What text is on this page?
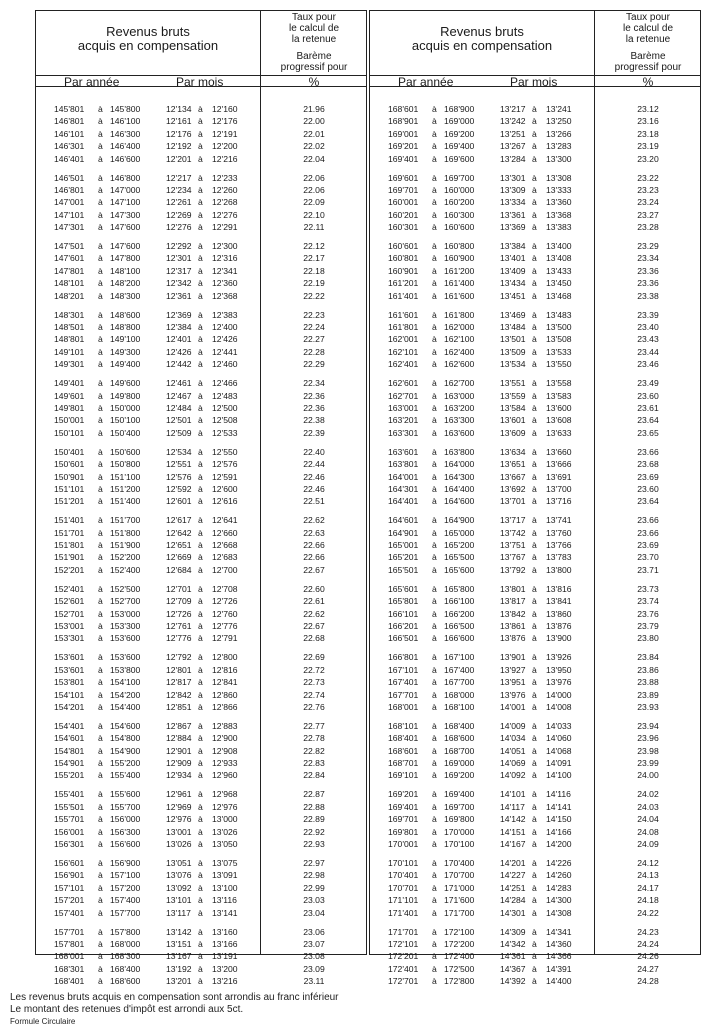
Revenus bruts
acquis en compensation
Taux pour
le calcul de
la retenue
Barème
progressif pour
Par année	Par mois	%
145'801 à 145'800	12'134 à 12'160	21.96
146'801 à 146'100	12'161 à 12'176	22.00
146'101 à 146'300	12'176 à 12'191	22.01
146'301 à 146'400	12'192 à 12'200	22.02
146'401 à 146'600	12'201 à 12'216	22.04
146'501 à 146'800	12'217 à 12'233	22.06
146'801 à 147'000	12'234 à 12'260	22.06
147'001 à 147'100	12'261 à 12'268	22.09
147'101 à 147'300	12'269 à 12'276	22.10
147'301 à 147'600	12'276 à 12'291	22.11
147'501 à 147'600	12'292 à 12'300	22.12
147'601 à 147'800	12'301 à 12'316	22.17
147'801 à 148'100	12'317 à 12'341	22.18
148'101 à 148'200	12'342 à 12'360	22.19
148'201 à 148'300	12'361 à 12'368	22.22
148'301 à 148'600	12'369 à 12'383	22.23
148'501 à 148'800	12'384 à 12'400	22.24
148'801 à 149'100	12'401 à 12'426	22.27
149'101 à 149'300	12'426 à 12'441	22.28
149'301 à 149'400	12'442 à 12'460	22.29
149'401 à 149'600	12'461 à 12'466	22.34
149'601 à 149'800	12'467 à 12'483	22.36
149'801 à 150'000	12'484 à 12'500	22.36
150'001 à 150'100	12'501 à 12'508	22.38
150'101 à 150'400	12'509 à 12'533	22.39
150'401 à 150'600	12'534 à 12'550	22.40
150'601 à 150'800	12'551 à 12'576	22.44
150'901 à 151'100	12'576 à 12'591	22.46
151'101 à 151'200	12'592 à 12'600	22.46
151'201 à 151'400	12'601 à 12'616	22.51
151'401 à 151'700	12'617 à 12'641	22.62
151'701 à 151'800	12'642 à 12'660	22.63
151'801 à 151'900	12'651 à 12'668	22.66
151'901 à 152'200	12'669 à 12'683	22.66
152'201 à 152'400	12'684 à 12'700	22.67
152'401 à 152'500	12'701 à 12'708	22.60
152'601 à 152'700	12'709 à 12'726	22.61
152'701 à 153'000	12'726 à 12'760	22.62
153'001 à 153'300	12'761 à 12'776	22.67
153'301 à 153'600	12'776 à 12'791	22.68
153'601 à 153'600	12'792 à 12'800	22.69
153'601 à 153'800	12'801 à 12'816	22.72
153'801 à 154'100	12'817 à 12'841	22.73
154'101 à 154'200	12'842 à 12'860	22.74
154'201 à 154'400	12'851 à 12'866	22.76
154'401 à 154'600	12'867 à 12'883	22.77
154'601 à 154'800	12'884 à 12'900	22.78
154'801 à 154'900	12'901 à 12'908	22.82
154'901 à 155'200	12'909 à 12'933	22.83
155'201 à 155'400	12'934 à 12'960	22.84
155'401 à 155'600	12'961 à 12'968	22.87
155'501 à 155'700	12'969 à 12'976	22.88
155'701 à 156'000	12'976 à 13'000	22.89
156'001 à 156'300	13'001 à 13'026	22.92
156'301 à 156'600	13'026 à 13'050	22.93
156'601 à 156'900	13'051 à 13'075	22.97
156'901 à 157'100	13'076 à 13'091	22.98
157'101 à 157'200	13'092 à 13'100	22.99
157'201 à 157'400	13'101 à 13'116	23.03
157'401 à 157'700	13'117 à 13'141	23.04
157'701 à 157'800	13'142 à 13'160	23.06
157'801 à 168'000	13'151 à 13'166	23.07
168'001 à 168'300	13'167 à 13'191	23.08
168'301 à 168'400	13'192 à 13'200	23.09
168'401 à 168'600	13'201 à 13'216	23.11
Revenus bruts
acquis en compensation
Taux pour
le calcul de
la retenue
Barème
progressif pour
Par année	Par mois	%
168'601 à 168'900	13'217 à 13'241	23.12
168'901 à 169'000	13'242 à 13'250	23.16
169'001 à 169'200	13'251 à 13'266	23.18
169'201 à 169'400	13'267 à 13'283	23.19
169'401 à 169'600	13'284 à 13'300	23.20
169'601 à 169'700	13'301 à 13'308	23.22
169'701 à 160'000	13'309 à 13'333	23.23
160'001 à 160'200	13'334 à 13'360	23.24
160'201 à 160'300	13'361 à 13'368	23.27
160'301 à 160'600	13'369 à 13'383	23.28
160'601 à 160'800	13'384 à 13'400	23.29
160'801 à 160'900	13'401 à 13'408	23.34
160'901 à 161'200	13'409 à 13'433	23.36
161'201 à 161'400	13'434 à 13'450	23.36
161'401 à 161'600	13'451 à 13'468	23.38
161'601 à 161'800	13'469 à 13'483	23.39
161'801 à 162'000	13'484 à 13'500	23.40
162'001 à 162'100	13'501 à 13'508	23.43
162'101 à 162'400	13'509 à 13'533	23.44
162'401 à 162'600	13'534 à 13'550	23.46
162'601 à 162'700	13'551 à 13'558	23.49
162'701 à 163'000	13'559 à 13'583	23.60
163'001 à 163'200	13'584 à 13'600	23.61
163'201 à 163'300	13'601 à 13'608	23.64
163'301 à 163'600	13'609 à 13'633	23.65
163'601 à 163'800	13'634 à 13'660	23.66
163'801 à 164'000	13'651 à 13'666	23.68
164'001 à 164'300	13'667 à 13'691	23.69
164'301 à 164'400	13'692 à 13'700	23.60
164'401 à 164'600	13'701 à 13'716	23.64
164'601 à 164'900	13'717 à 13'741	23.66
164'901 à 165'000	13'742 à 13'760	23.66
165'001 à 165'200	13'751 à 13'766	23.69
165'201 à 165'500	13'767 à 13'783	23.70
165'501 à 165'600	13'792 à 13'800	23.71
165'601 à 165'800	13'801 à 13'816	23.73
165'801 à 166'100	13'817 à 13'841	23.74
166'101 à 166'200	13'842 à 13'860	23.76
166'201 à 166'500	13'861 à 13'876	23.79
166'501 à 166'600	13'876 à 13'900	23.80
166'801 à 167'100	13'901 à 13'926	23.84
167'101 à 167'400	13'927 à 13'950	23.86
167'401 à 167'700	13'951 à 13'976	23.88
167'701 à 168'000	13'976 à 14'000	23.89
168'001 à 168'100	14'001 à 14'008	23.93
168'101 à 168'400	14'009 à 14'033	23.94
168'401 à 168'600	14'034 à 14'060	23.96
168'601 à 168'700	14'051 à 14'068	23.98
168'701 à 169'000	14'069 à 14'091	23.99
169'101 à 169'200	14'092 à 14'100	24.00
169'201 à 169'400	14'101 à 14'116	24.02
169'401 à 169'700	14'117 à 14'141	24.03
169'701 à 169'800	14'142 à 14'150	24.04
169'801 à 170'000	14'151 à 14'166	24.08
170'001 à 170'100	14'167 à 14'200	24.09
170'101 à 170'400	14'201 à 14'226	24.12
170'401 à 170'700	14'227 à 14'260	24.13
170'701 à 171'000	14'251 à 14'283	24.17
171'101 à 171'600	14'284 à 14'300	24.18
171'401 à 171'700	14'301 à 14'308	24.22
171'701 à 172'100	14'309 à 14'341	24.23
172'101 à 172'200	14'342 à 14'360	24.24
172'201 à 172'400	14'361 à 14'366	24.26
172'401 à 172'500	14'367 à 14'391	24.27
172'701 à 172'800	14'392 à 14'400	24.28
Les revenus bruts acquis en compensation sont arrondis au franc inférieur
Le montant des retenues d'impôt est arrondi aux 5ct.
Formule Circulaire
